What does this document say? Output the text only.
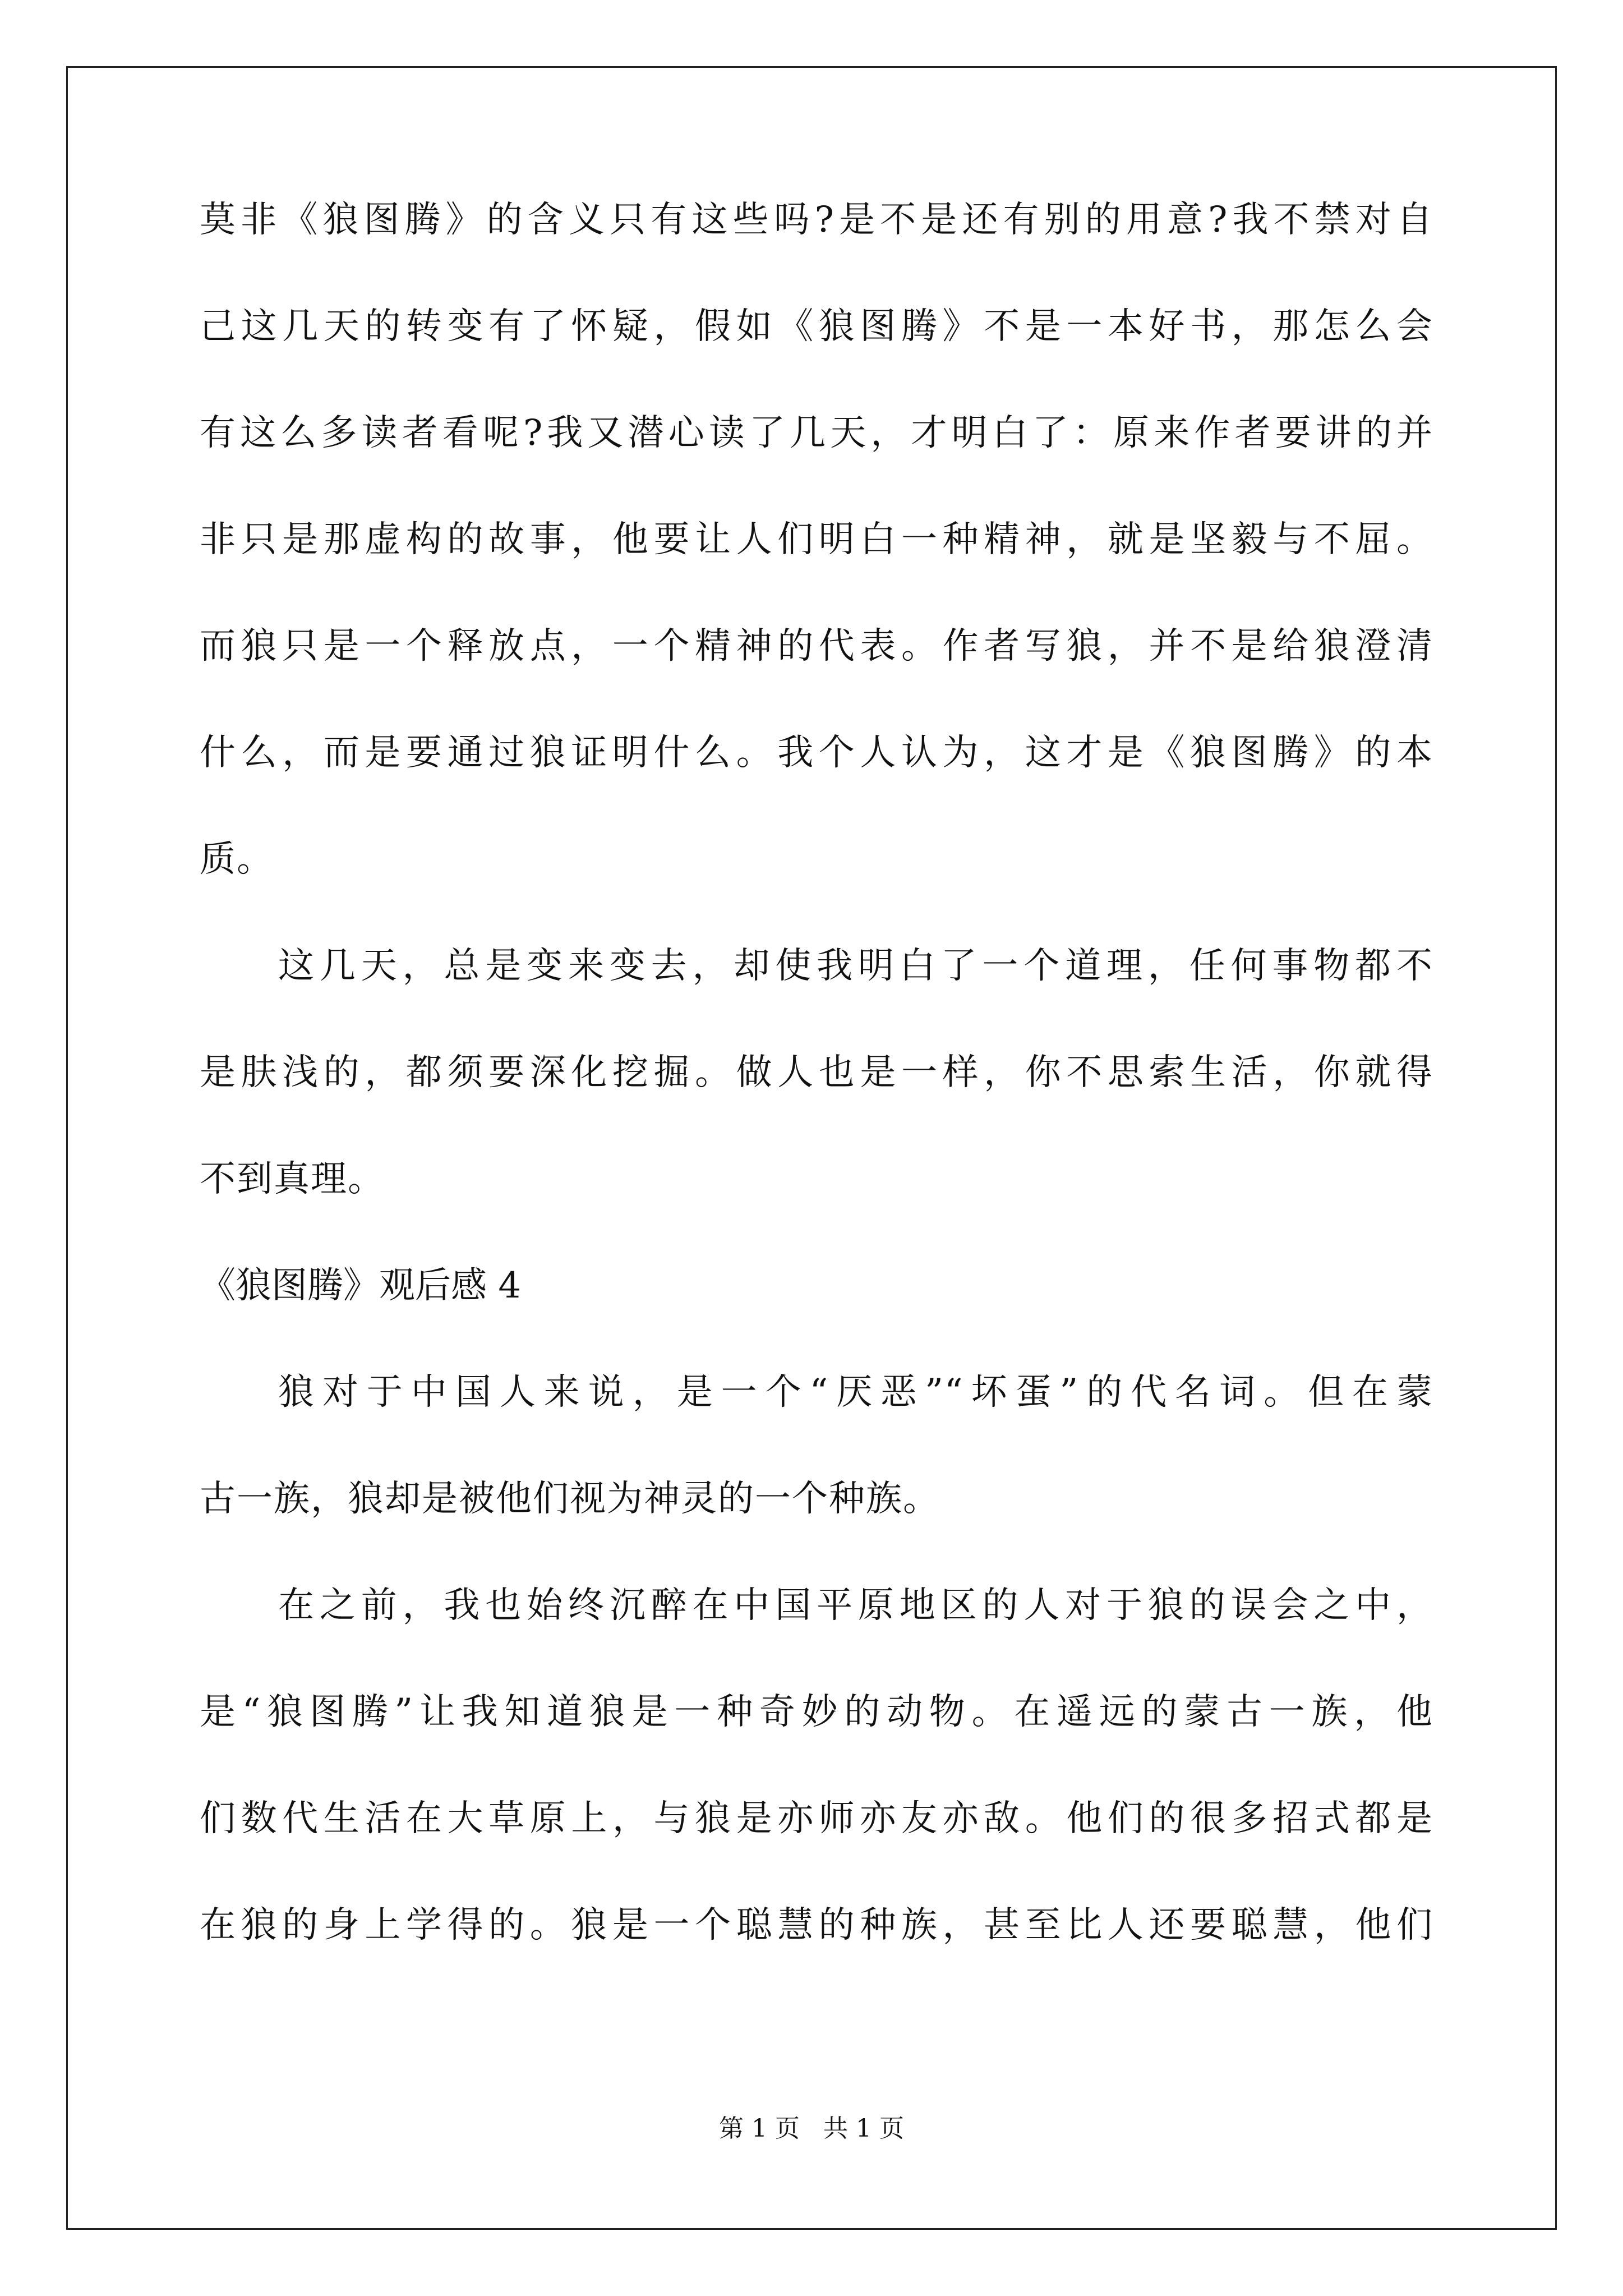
莫非《狼图腾》的含义只有这些吗?是不是还有别的用意?我不禁对自
己这几天的转变有了怀疑，假如《狼图腾》不是一本好书，那怎么会
有这么多读者看呢?我又潜心读了几天，才明白了：原来作者要讲的并
非只是那虚构的故事，他要让人们明白一种精神，就是坚毅与不屈。
而狼只是一个释放点，一个精神的代表。作者写狼，并不是给狼澄清
什么，而是要通过狼证明什么。我个人认为，这才是《狼图腾》的本
质。
这几天，总是变来变去，却使我明白了一个道理，任何事物都不
是肤浅的，都须要深化挖掘。做人也是一样，你不思索生活，你就得
不到真理。
《狼图腾》观后感 4
狼对于中国人来说，是一个“厌恶”“坏蛋”的代名词。但在蒙
古一族，狼却是被他们视为神灵的一个种族。
在之前，我也始终沉醉在中国平原地区的人对于狼的误会之中，
是“狼图腾”让我知道狼是一种奇妙的动物。在遥远的蒙古一族，他
们数代生活在大草原上，与狼是亦师亦友亦敌。他们的很多招式都是
在狼的身上学得的。狼是一个聪慧的种族，甚至比人还要聪慧，他们
第 1 页 共 1 页
